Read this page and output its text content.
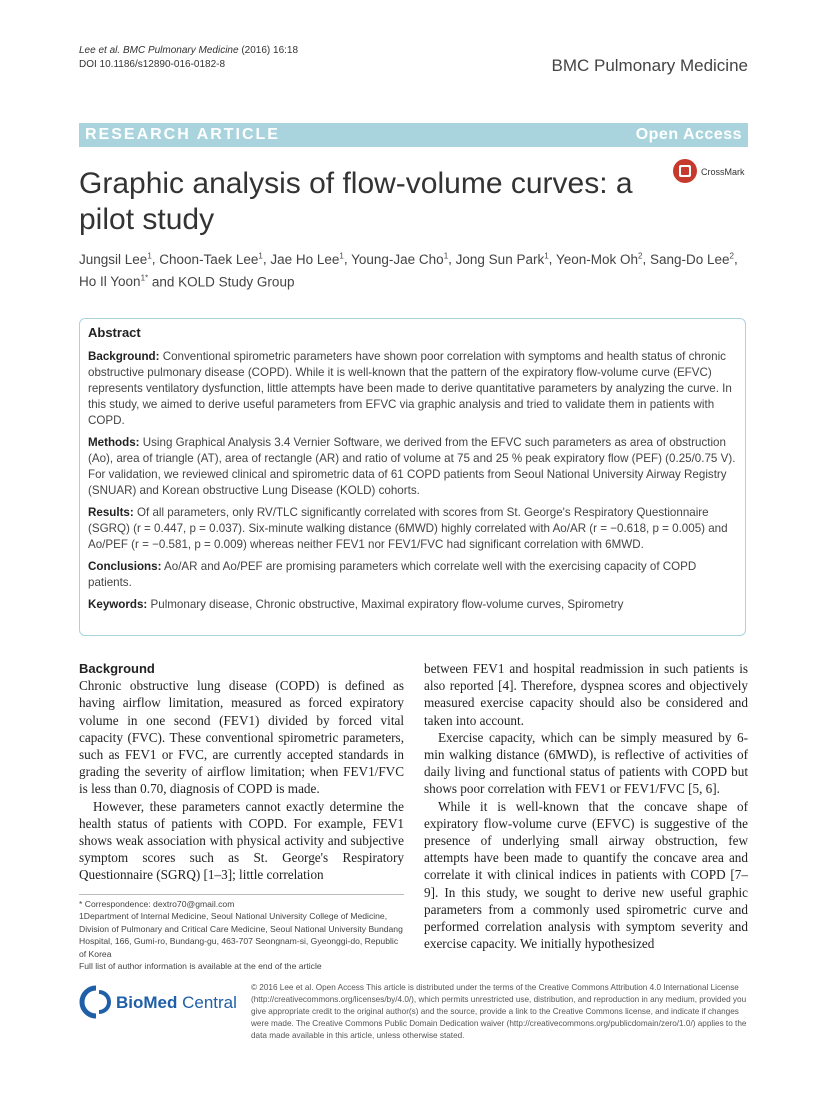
Lee et al. BMC Pulmonary Medicine (2016) 16:18
DOI 10.1186/s12890-016-0182-8	BMC Pulmonary Medicine
RESEARCH ARTICLE	Open Access
Graphic analysis of flow-volume curves: a pilot study
CrossMark
Jungsil Lee$^1$, Choon-Taek Lee$^1$, Jae Ho Lee$^1$, Young-Jae Cho$^1$, Jong Sun Park$^1$, Yeon-Mok Oh$^2$, Sang-Do Lee$^2$, Ho Il Yoon$^{1*}$ and KOLD Study Group
Abstract

Background: Conventional spirometric parameters have shown poor correlation with symptoms and health status of chronic obstructive pulmonary disease (COPD). While it is well-known that the pattern of the expiratory flow-volume curve (EFVC) represents ventilatory dysfunction, little attempts have been made to derive quantitative parameters by analyzing the curve. In this study, we aimed to derive useful parameters from EFVC via graphic analysis and tried to validate them in patients with COPD.

Methods: Using Graphical Analysis 3.4 Vernier Software, we derived from the EFVC such parameters as area of obstruction (Ao), area of triangle (AT), area of rectangle (AR) and ratio of volume at 75 and 25 % peak expiratory flow (PEF) (0.25/0.75 V). For validation, we reviewed clinical and spirometric data of 61 COPD patients from Seoul National University Airway Registry (SNUAR) and Korean obstructive Lung Disease (KOLD) cohorts.

Results: Of all parameters, only RV/TLC significantly correlated with scores from St. George's Respiratory Questionnaire (SGRQ) (r = 0.447, p = 0.037). Six-minute walking distance (6MWD) highly correlated with Ao/AR (r = −0.618, p = 0.005) and Ao/PEF (r = −0.581, p = 0.009) whereas neither FEV1 nor FEV1/FVC had significant correlation with 6MWD.

Conclusions: Ao/AR and Ao/PEF are promising parameters which correlate well with the exercising capacity of COPD patients.

Keywords: Pulmonary disease, Chronic obstructive, Maximal expiratory flow-volume curves, Spirometry

Background

Chronic obstructive lung disease (COPD) is defined as having airflow limitation, measured as forced expiratory volume in one second (FEV1) divided by forced vital capacity (FVC). These conventional spirometric parameters, such as FEV1 or FVC, are currently accepted standards in grading the severity of airflow limitation; when FEV1/FVC is less than 0.70, diagnosis of COPD is made.

However, these parameters cannot exactly determine the health status of patients with COPD. For example, FEV1 shows weak association with physical activity and subjective symptom scores such as St. George's Respiratory Questionnaire (SGRQ) [1–3]; little correlation

between FEV1 and hospital readmission in such patients is also reported [4]. Therefore, dyspnea scores and objectively measured exercise capacity should also be considered and taken into account.

Exercise capacity, which can be simply measured by 6-min walking distance (6MWD), is reflective of activities of daily living and functional status of patients with COPD but shows poor correlation with FEV1 or FEV1/FVC [5, 6].

While it is well-known that the concave shape of expiratory flow-volume curve (EFVC) is suggestive of the presence of underlying small airway obstruction, few attempts have been made to quantify the concave area and correlate it with clinical indices in patients with COPD [7–9]. In this study, we sought to derive new useful graphic parameters from a commonly used spirometric curve and performed correlation analysis with symptom severity and exercise capacity. We initially hypothesized

* Correspondence: dextro70@gmail.com

1Department of Internal Medicine, Seoul National University College of Medicine, Division of Pulmonary and Critical Care Medicine, Seoul National University Bundang Hospital, 166, Gumi-ro, Bundang-gu, 463-707 Seongnam-si, Gyeonggi-do, Republic of Korea

Full list of author information is available at the end of the article

BioMed Central
© 2016 Lee et al. Open Access This article is distributed under the terms of the Creative Commons Attribution 4.0 International License (http://creativecommons.org/licenses/by/4.0/), which permits unrestricted use, distribution, and reproduction in any medium, provided you give appropriate credit to the original author(s) and the source, provide a link to the Creative Commons license, and indicate if changes were made. The Creative Commons Public Domain Dedication waiver (http://creativecommons.org/publicdomain/zero/1.0/) applies to the data made available in this article, unless otherwise stated.
